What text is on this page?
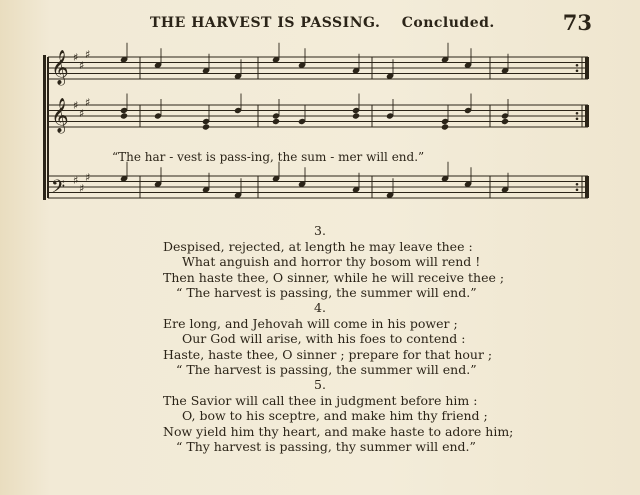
THE HARVEST IS PASSING. Concluded.	73
𝄞 ♯
♯
♯
𝄞 ♯
♯
♯
𝄢 ♯
♯
♯
“The har - vest is pass-ing, the sum - mer will end.”
3.
Despised, rejected, at length he may leave thee :
What anguish and horror thy bosom will rend !
Then haste thee, O sinner, while he will receive thee ;
“ The harvest is passing, the summer will end.”
4.
Ere long, and Jehovah will come in his power ;
Our God will arise, with his foes to contend :
Haste, haste thee, O sinner ; prepare for that hour ;
“ The harvest is passing, the summer will end.”
5.
The Savior will call thee in judgment before him :
O, bow to his sceptre, and make him thy friend ;
Now yield him thy heart, and make haste to adore him;
“ Thy harvest is passing, thy summer will end.”
